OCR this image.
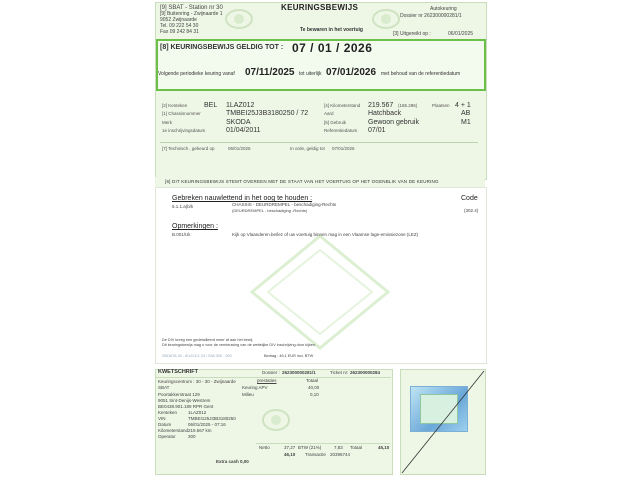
[9] SBAT - Station nr 30
[9] Buitenring - Zwijnaarde 1
9052 Zwijnaarde
Tel. 09 222 54 30
Fax 09 242 84 31
KEURINGSBEWIJS
Te bewaren in het voertuig
Autokeuring
Dossier nr 262300000281/1
[3] Uitgereikt op :	06/01/2025
[8] KEURINGSBEWIJS GELDIG TOT : 07 / 01 / 2026
Volgende periodieke keuring vanaf 07/11/2025 tot uiterlijk 07/01/2026 met behoud van de referentiedatum
[2] Kenteken BEL 1LAZ012
[1] Chassisnummer	TMBEI25J3B3180250 / 72
Merk	SKODA
1e inschrijvingsdatum	01/04/2011
[4] Kilometerstand 219.567 (186.286)	Plaatsen 4 + 1
Aard	Hatchback	AB
[5] Gebruik	Gewoon gebruik	M1
Referentiedatum 07/01
[7] Technisch , gekeurd op	06/01/2025	In orde, geldig tot 07/01/2026
[6] DIT KEURINGSBEWIJS STEMT OVEREEN MET DE STAAT VAN HET VOERTUIG OP HET OGENBLIK VAN DE KEURING
Gebreken nauwlettend in het oog te houden :	Code
5.1.1.a(b/k	CHASSIS - DEURDREMPEL - beschadiging-Rechts
(DEURDREMPEL - beschadiging -Rechts)	(302.4)
Opmerkingen :
B.001/Uk	Kijk op Vlaanderen.be/lez of uw voertuig binnen mag in een Vlaamse lage-emissiezone (LEZ)
De DIV kreeg een gedetailleerd meer af aan het bewij
Dit keuringsbewijs mag u voor de vernieuwing van de wettelijke DIV inschrijving door kijken.
SBDATA 30 - 8/1/0/1/1 24 / 538 300 - 300	Bedrag : 46,1 EUR incl. BTW
KWETSCHRIFT	Dossier : 262300000281/1	Ticket nr: 262300000284
Keuringscentrum : 30 - 30 - Zwijnaarde
SBAT
Poortakkerstraat 129
9051 Sint-Denijs-Westrem
BE0438.901.189 RPR Gent
Kenteken 1LAZ012
VIN	TMBEI125JI3B3180250
Datum	06/01/2025 - 07:16
Kilometerstand 219.567 km
Operator	300
prestaties	Totaal
Keuring APV	40,00
Milieu	0,10
Netto	37,27 BTW (21%)	7,83 Totaal	45,10
46,10 Transactie 20396744
Extra cash 0,00
